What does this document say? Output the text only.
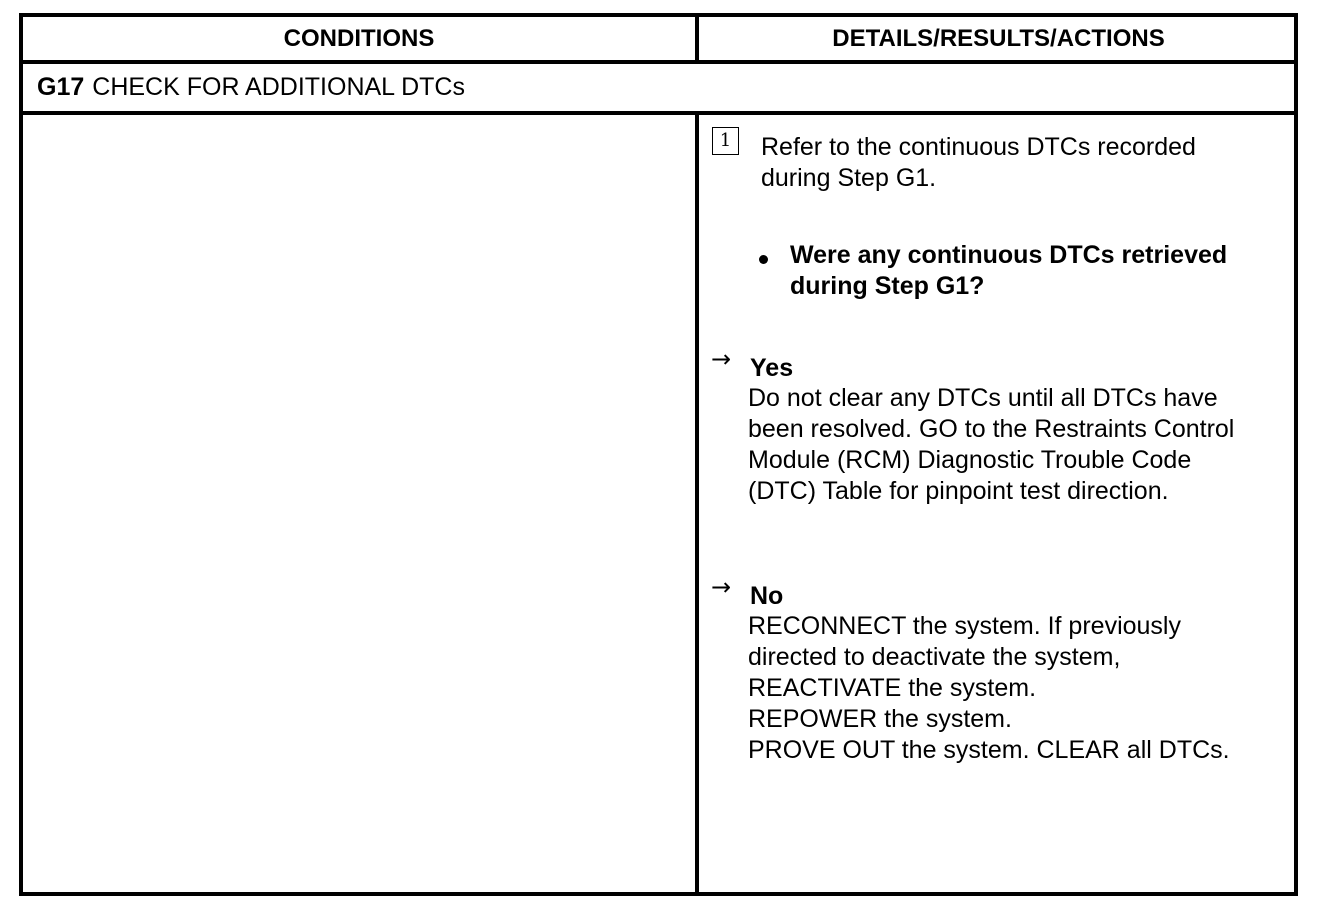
CONDITIONS	DETAILS/RESULTS/ACTIONS
G17 CHECK FOR ADDITIONAL DTCs
1	Refer to the continuous DTCs recorded
during Step G1.
Were any continuous DTCs retrieved
during Step G1?
→ Yes
Do not clear any DTCs until all DTCs have
been resolved. GO to the Restraints Control
Module (RCM) Diagnostic Trouble Code
(DTC) Table for pinpoint test direction.
→ No
RECONNECT the system. If previously
directed to deactivate the system,
REACTIVATE the system.
REPOWER the system.
PROVE OUT the system. CLEAR all DTCs.
